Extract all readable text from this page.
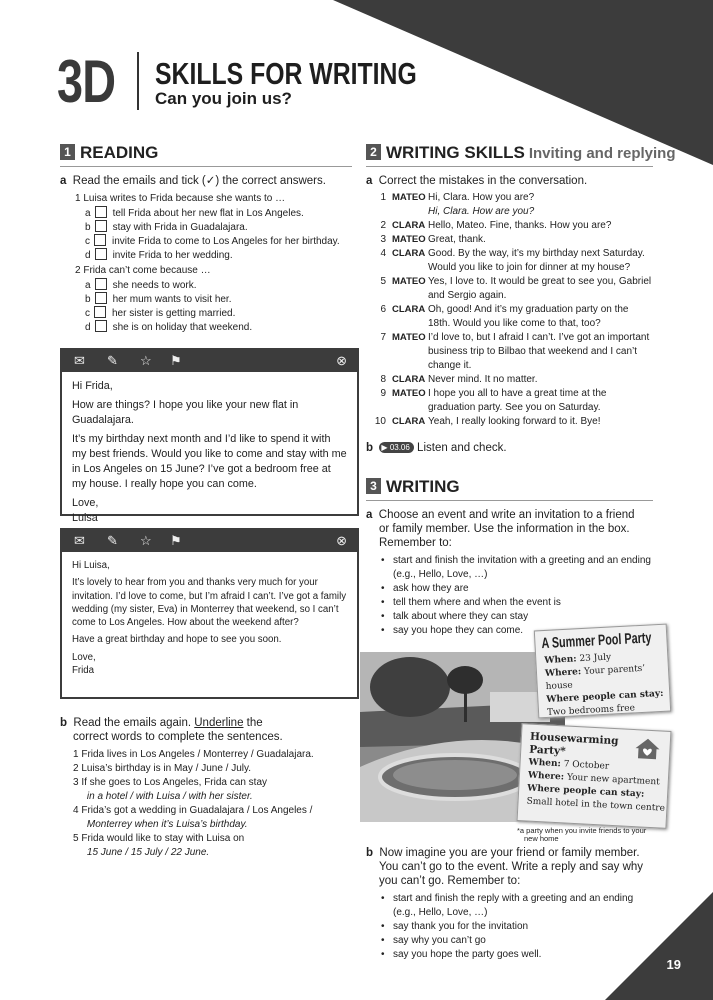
3D SKILLS FOR WRITING
Can you join us?
1 READING
a Read the emails and tick (✓) the correct answers.
1 Luisa writes to Frida because she wants to …
a tell Frida about her new flat in Los Angeles.
b stay with Frida in Guadalajara.
c invite Frida to come to Los Angeles for her birthday.
d invite Frida to her wedding.
2 Frida can’t come because …
a she needs to work.
b her mum wants to visit her.
c her sister is getting married.
d she is on holiday that weekend.
✉ ✎ ☆ ⚑	⊗

Hi Frida,

How are things? I hope you like your new flat in Guadalajara.

It’s my birthday next month and I’d like to spend it with my best friends. Would you like to come and stay with me in Los Angeles on 15 June? I’ve got a bedroom free at my house. I really hope you can come.

Love,

Luisa

✉ ✎ ☆ ⚑	⊗

Hi Luisa,

It’s lovely to hear from you and thanks very much for your invitation. I’d love to come, but I’m afraid I can’t. I’ve got a family wedding (my sister, Eva) in Monterrey that weekend, so I can’t come to Los Angeles. How about the weekend after?

Have a great birthday and hope to see you soon.

Love,

Frida

b Read the emails again. Underline the
correct words to complete the sentences.
1 Frida lives in Los Angeles / Monterrey / Guadalajara.
2 Luisa’s birthday is in May / June / July.
3 If she goes to Los Angeles, Frida can stay
in a hotel / with Luisa / with her sister.
4 Frida’s got a wedding in Guadalajara / Los Angeles /
Monterrey when it’s Luisa’s birthday.
5 Frida would like to stay with Luisa on
15 June / 15 July / 22 June.
2 WRITING SKILLS Inviting and replying
a Correct the mistakes in the conversation.
1 MATEO Hi, Clara. How you are?
Hi, Clara. How are you?
2 CLARA Hello, Mateo. Fine, thanks. How you are?
3 MATEO Great, thank.
4 CLARA Good. By the way, it’s my birthday next Saturday.
Would you like to join for dinner at my house?
5 MATEO Yes, I love to. It would be great to see you, Gabriel
and Sergio again.
6 CLARA Oh, good! And it’s my graduation party on the
18th. Would you like come to that, too?
7 MATEO I’d love to, but I afraid I can’t. I’ve got an important
business trip to Bilbao that weekend and I can’t
change it.
8 CLARA Never mind. It no matter.
9 MATEO I hope you all to have a great time at the
graduation party. See you on Saturday.
10 CLARA Yeah, I really looking forward to it. Bye!
b ▶ 03.06 Listen and check.
3 WRITING
a Choose an event and write an invitation to a friend
or family member. Use the information in the box.
Remember to:
• start and finish the invitation with a greeting and an ending
(e.g., Hello, Love, …)
• ask how they are
• tell them where and when the event is
• talk about where they can stay
• say you hope they can come. A Summer Pool Party
When: 23 July
Where: Your parents’ house
Where people can stay:
Two bedrooms free
Housewarming
Party*
When: 7 October
Where: Your new apartment
Where people can stay:
Small hotel in the town centre
*a party when you invite friends to your
new home
b Now imagine you are your friend or family member.
You can’t go to the event. Write a reply and say why
you can’t go. Remember to:
• start and finish the reply with a greeting and an ending
(e.g., Hello, Love, …)
• say thank you for the invitation
• say why you can’t go
• say you hope the party goes well.
19
